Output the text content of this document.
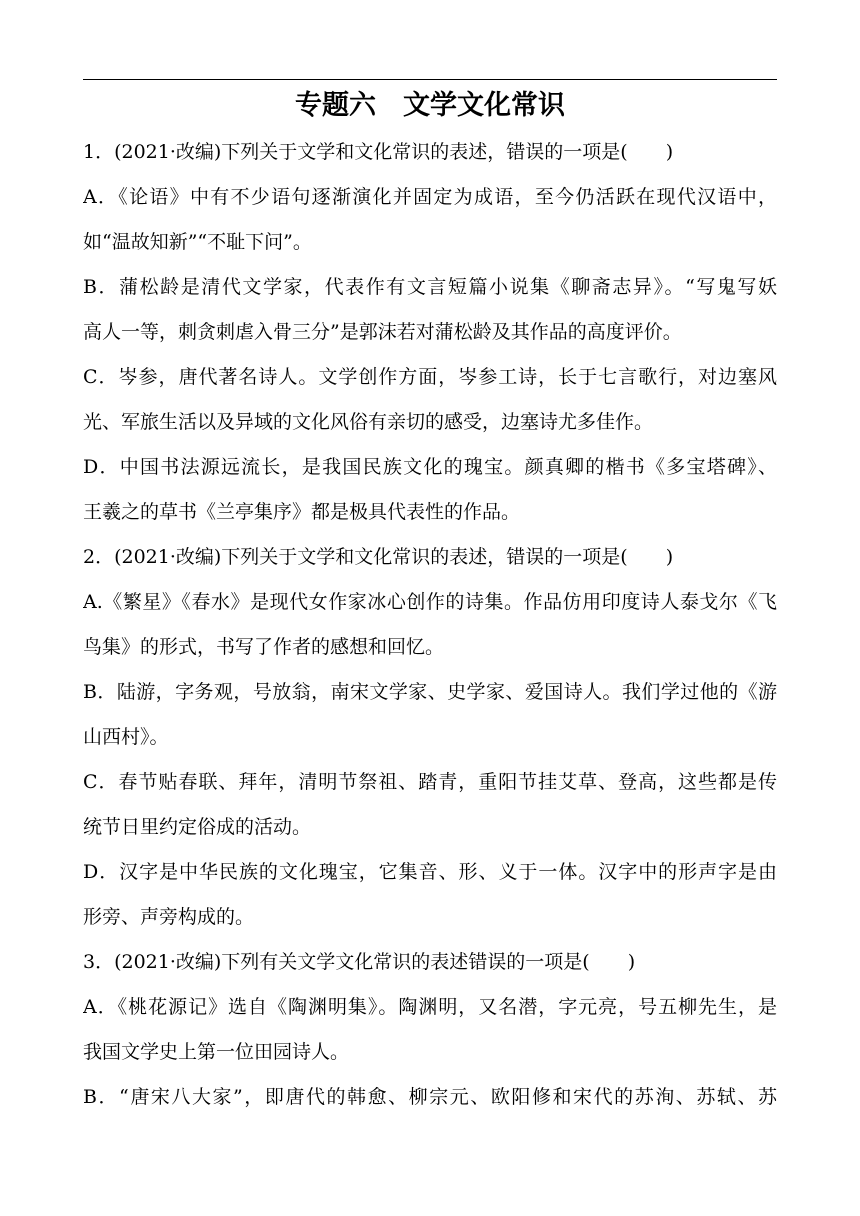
专题六　文学文化常识
1．(2021·改编)下列关于文学和文化常识的表述，错误的一项是(　　)
A．《论语》中有不少语句逐渐演化并固定为成语，至今仍活跃在现代汉语中，
如“温故知新”“不耻下问”。
B．蒲松龄是清代文学家，代表作有文言短篇小说集《聊斋志异》。“写鬼写妖
高人一等，刺贪刺虐入骨三分”是郭沫若对蒲松龄及其作品的高度评价。
C．岑参，唐代著名诗人。文学创作方面，岑参工诗，长于七言歌行，对边塞风
光、军旅生活以及异域的文化风俗有亲切的感受，边塞诗尤多佳作。
D．中国书法源远流长，是我国民族文化的瑰宝。颜真卿的楷书《多宝塔碑》、
王羲之的草书《兰亭集序》都是极具代表性的作品。
2．(2021·改编)下列关于文学和文化常识的表述，错误的一项是(　　)
A.《繁星》《春水》是现代女作家冰心创作的诗集。作品仿用印度诗人泰戈尔《飞
鸟集》的形式，书写了作者的感想和回忆。
B．陆游，字务观，号放翁，南宋文学家、史学家、爱国诗人。我们学过他的《游
山西村》。
C．春节贴春联、拜年，清明节祭祖、踏青，重阳节挂艾草、登高，这些都是传
统节日里约定俗成的活动。
D．汉字是中华民族的文化瑰宝，它集音、形、义于一体。汉字中的形声字是由
形旁、声旁构成的。
3．(2021·改编)下列有关文学文化常识的表述错误的一项是(　　)
A．《桃花源记》选自《陶渊明集》。陶渊明，又名潜，字元亮，号五柳先生，是
我国文学史上第一位田园诗人。
B．“唐宋八大家”，即唐代的韩愈、柳宗元、欧阳修和宋代的苏洵、苏轼、苏
